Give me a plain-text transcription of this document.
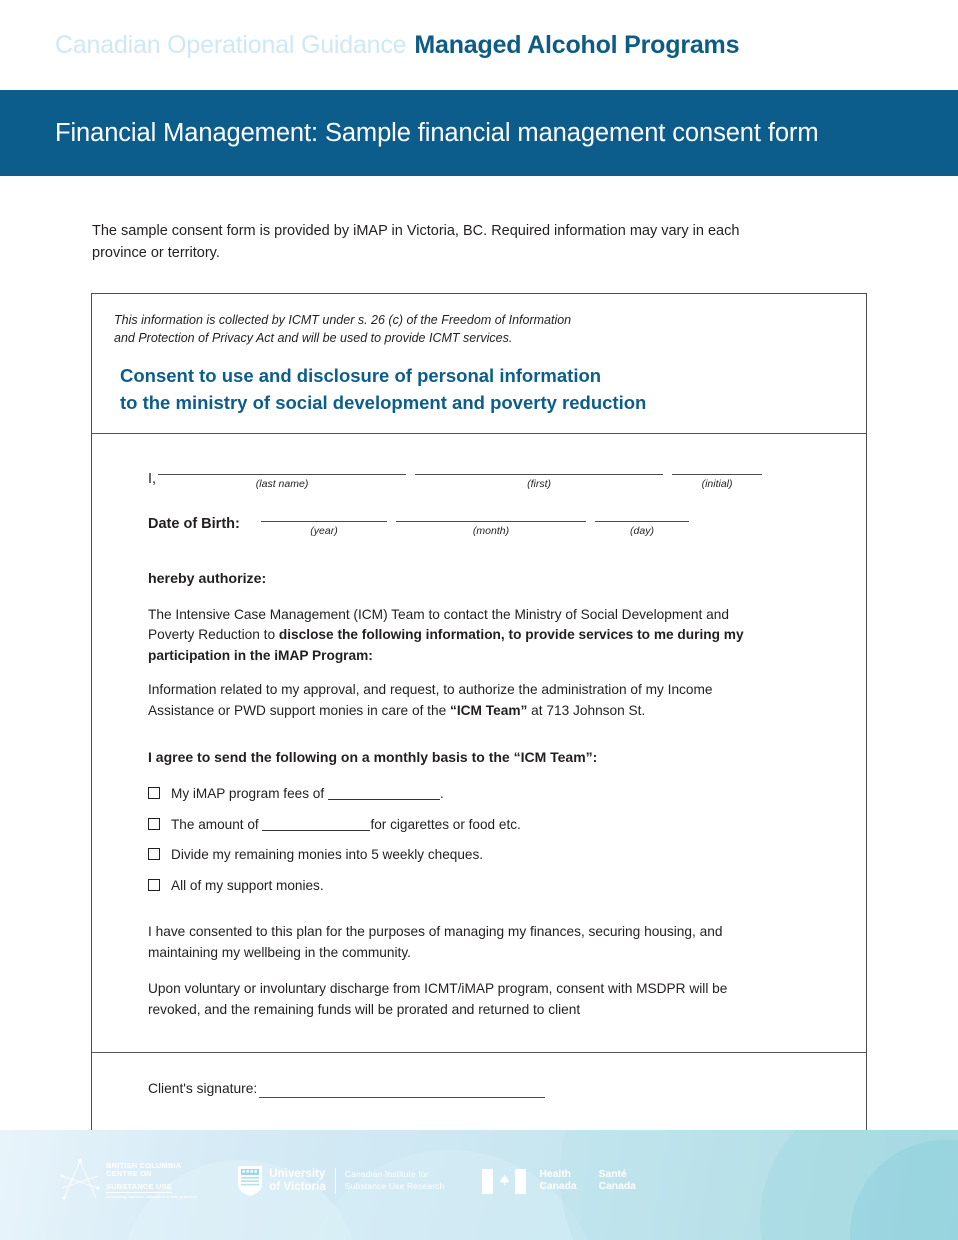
Canadian Operational Guidance Managed Alcohol Programs
Financial Management: Sample financial management consent form

The sample consent form is provided by iMAP in Victoria, BC. Required information may vary in each province or territory.

This information is collected by ICMT under s. 26 (c) of the Freedom of Information
and Protection of Privacy Act and will be used to provide ICMT services.
Consent to use and disclosure of personal information
to the ministry of social development and poverty reduction
I,	(last name)	(first)	(initial)
Date of Birth:	(year)	(month)	(day)
hereby authorize:

The Intensive Case Management (ICM) Team to contact the Ministry of Social Development and Poverty Reduction to disclose the following information, to provide services to me during my participation in the iMAP Program:

Information related to my approval, and request, to authorize the administration of my Income Assistance or PWD support monies in care of the “ICM Team” at 713 Johnson St.

I agree to send the following on a monthly basis to the “ICM Team”:
My iMAP program fees of	.
The amount of	for cigarettes or food etc.
Divide my remaining monies into 5 weekly cheques.
All of my support monies.

I have consented to this plan for the purposes of managing my finances, securing housing, and maintaining my wellbeing in the community.

Upon voluntary or involuntary discharge from ICMT/iMAP program, consent with MSDPR will be revoked, and the remaining funds will be prorated and returned to client

Client's signature:
BRITISH COLUMBIA
CENTRE ON
SUBSTANCE USE
Advancing research, education & care practices
University
of Victoria
Canadian Institute for
Substance Use Research
Health
Canada
Santé
Canada
